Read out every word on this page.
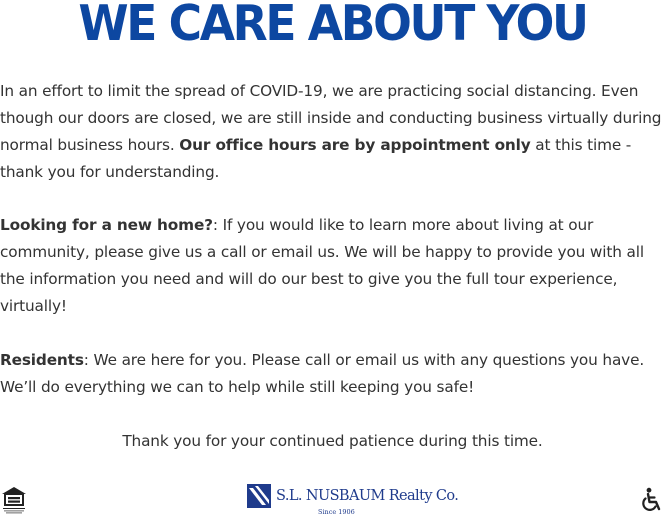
WE CARE ABOUT YOU

In an effort to limit the spread of COVID-19, we are practicing social distancing. Even though our doors are closed, we are still inside and conducting business virtually during normal business hours. Our office hours are by appointment only at this time - thank you for understanding.

Looking for a new home?: If you would like to learn more about living at our community, please give us a call or email us. We will be happy to provide you with all the information you need and will do our best to give you the full tour experience, virtually!

Residents: We are here for you. Please call or email us with any questions you have. We’ll do everything we can to help while still keeping you safe!

Thank you for your continued patience during this time.

S.L. NUSBAUM Realty Co.
Since 1906
